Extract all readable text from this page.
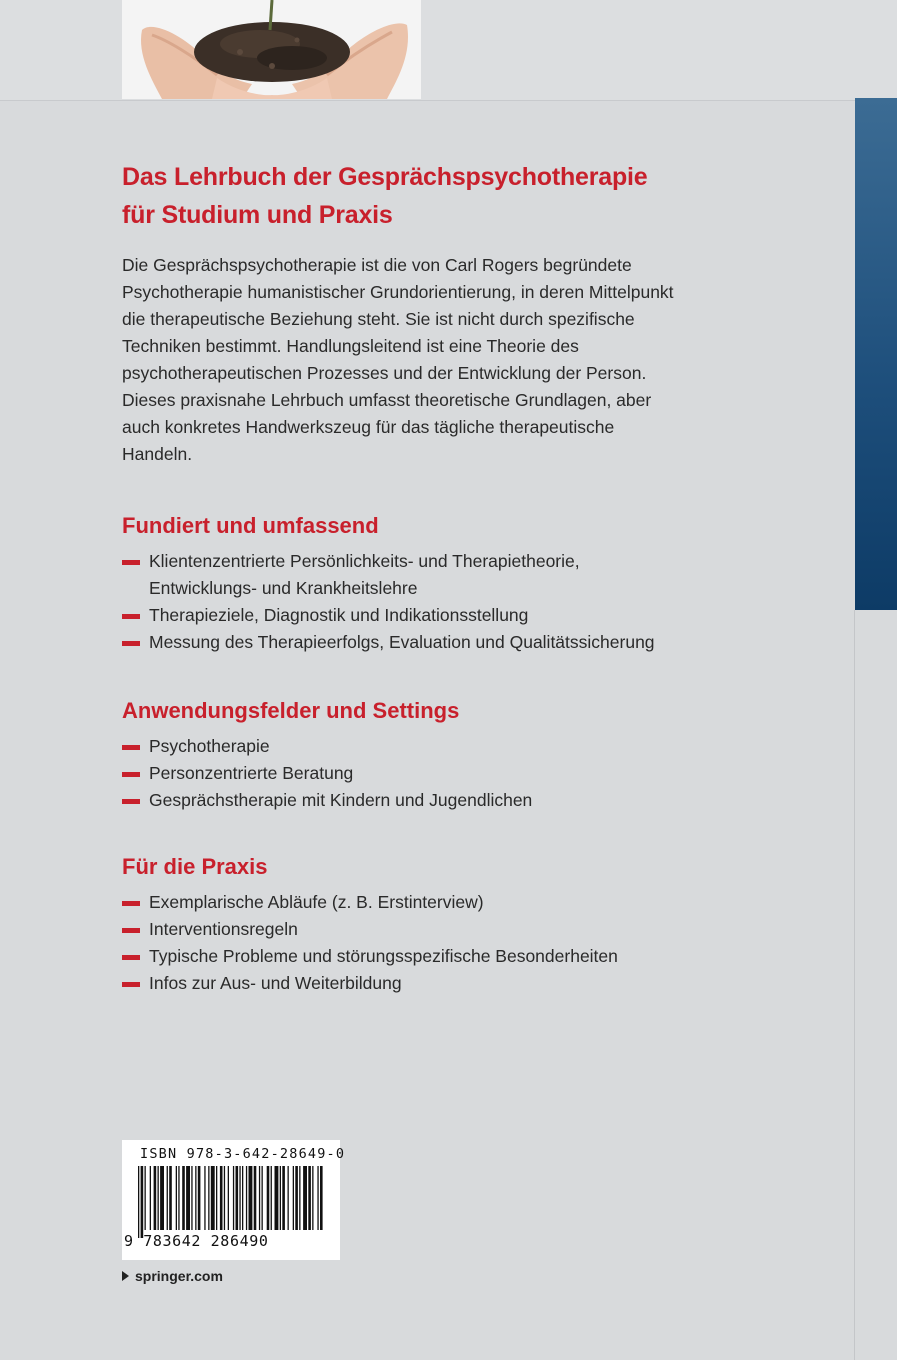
Das Lehrbuch der Gesprächspsychotherapie für Studium und Praxis

Die Gesprächspsychotherapie ist die von Carl Rogers begründete Psychotherapie humanistischer Grundorientierung, in deren Mittelpunkt die therapeutische Beziehung steht. Sie ist nicht durch spezifische Techniken bestimmt. Handlungsleitend ist eine Theorie des psychotherapeutischen Prozesses und der Entwicklung der Person.

Dieses praxisnahe Lehrbuch umfasst theoretische Grundlagen, aber auch konkretes Handwerkszeug für das tägliche therapeutische Handeln.

Fundiert und umfassend
Klientenzentrierte Persönlichkeits- und Therapietheorie, Entwicklungs- und Krankheitslehre
Therapieziele, Diagnostik und Indikationsstellung
Messung des Therapieerfolgs, Evaluation und Qualitätssicherung
Anwendungsfelder und Settings
Psychotherapie
Personzentrierte Beratung
Gesprächstherapie mit Kindern und Jugendlichen
Für die Praxis
Exemplarische Abläufe (z. B. Erstinterview)
Interventionsregeln
Typische Probleme und störungsspezifische Besonderheiten
Infos zur Aus- und Weiterbildung
ISBN 978-3-642-28649-0
9 783642 286490
springer.com
